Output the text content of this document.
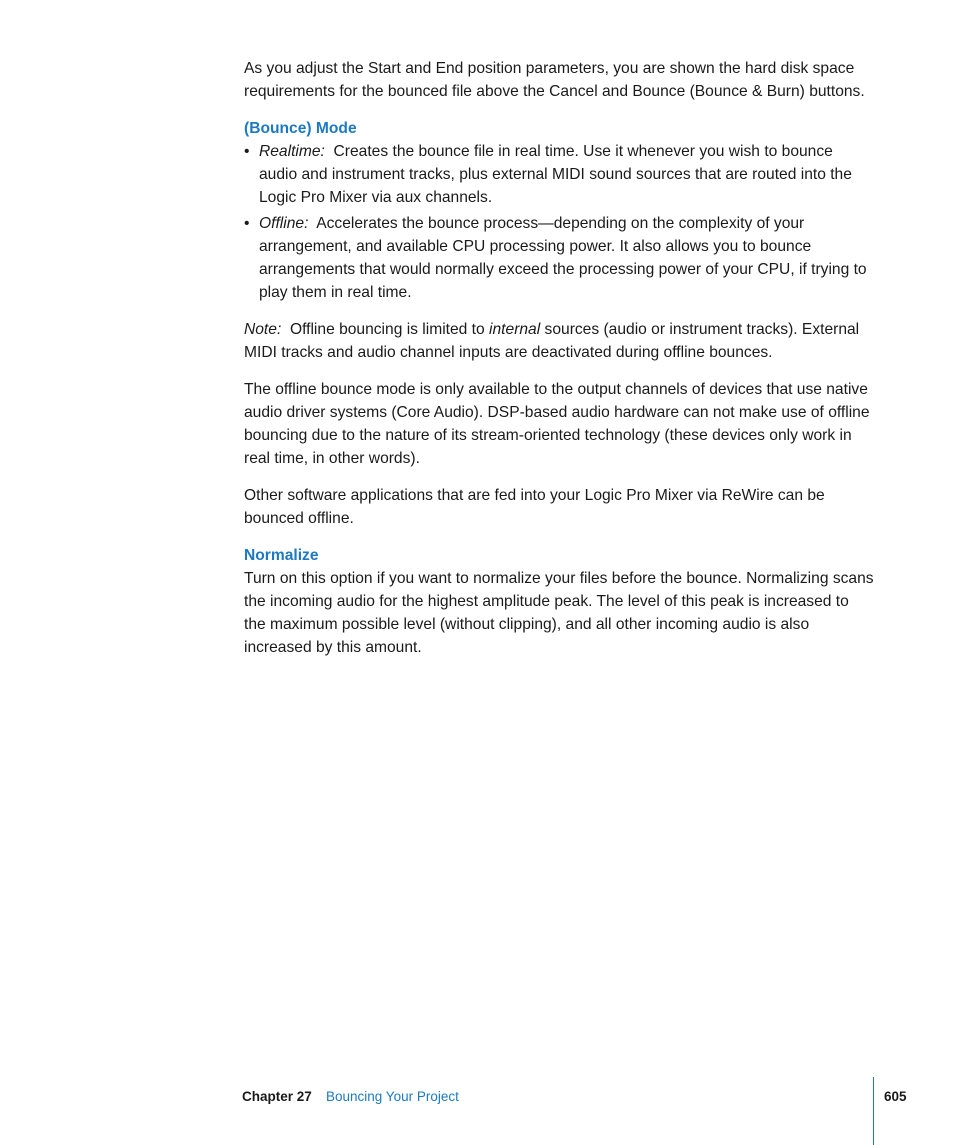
As you adjust the Start and End position parameters, you are shown the hard disk space requirements for the bounced file above the Cancel and Bounce (Bounce & Burn) buttons.

(Bounce) Mode
• Realtime: Creates the bounce file in real time. Use it whenever you wish to bounce audio and instrument tracks, plus external MIDI sound sources that are routed into the Logic Pro Mixer via aux channels.
• Offline: Accelerates the bounce process—depending on the complexity of your arrangement, and available CPU processing power. It also allows you to bounce arrangements that would normally exceed the processing power of your CPU, if trying to play them in real time.

Note: Offline bouncing is limited to internal sources (audio or instrument tracks). External MIDI tracks and audio channel inputs are deactivated during offline bounces.

The offline bounce mode is only available to the output channels of devices that use native audio driver systems (Core Audio). DSP-based audio hardware can not make use of offline bouncing due to the nature of its stream-oriented technology (these devices only work in real time, in other words).

Other software applications that are fed into your Logic Pro Mixer via ReWire can be bounced offline.

Normalize

Turn on this option if you want to normalize your files before the bounce. Normalizing scans the incoming audio for the highest amplitude peak. The level of this peak is increased to the maximum possible level (without clipping), and all other incoming audio is also increased by this amount.

Chapter 27 Bouncing Your Project	605
